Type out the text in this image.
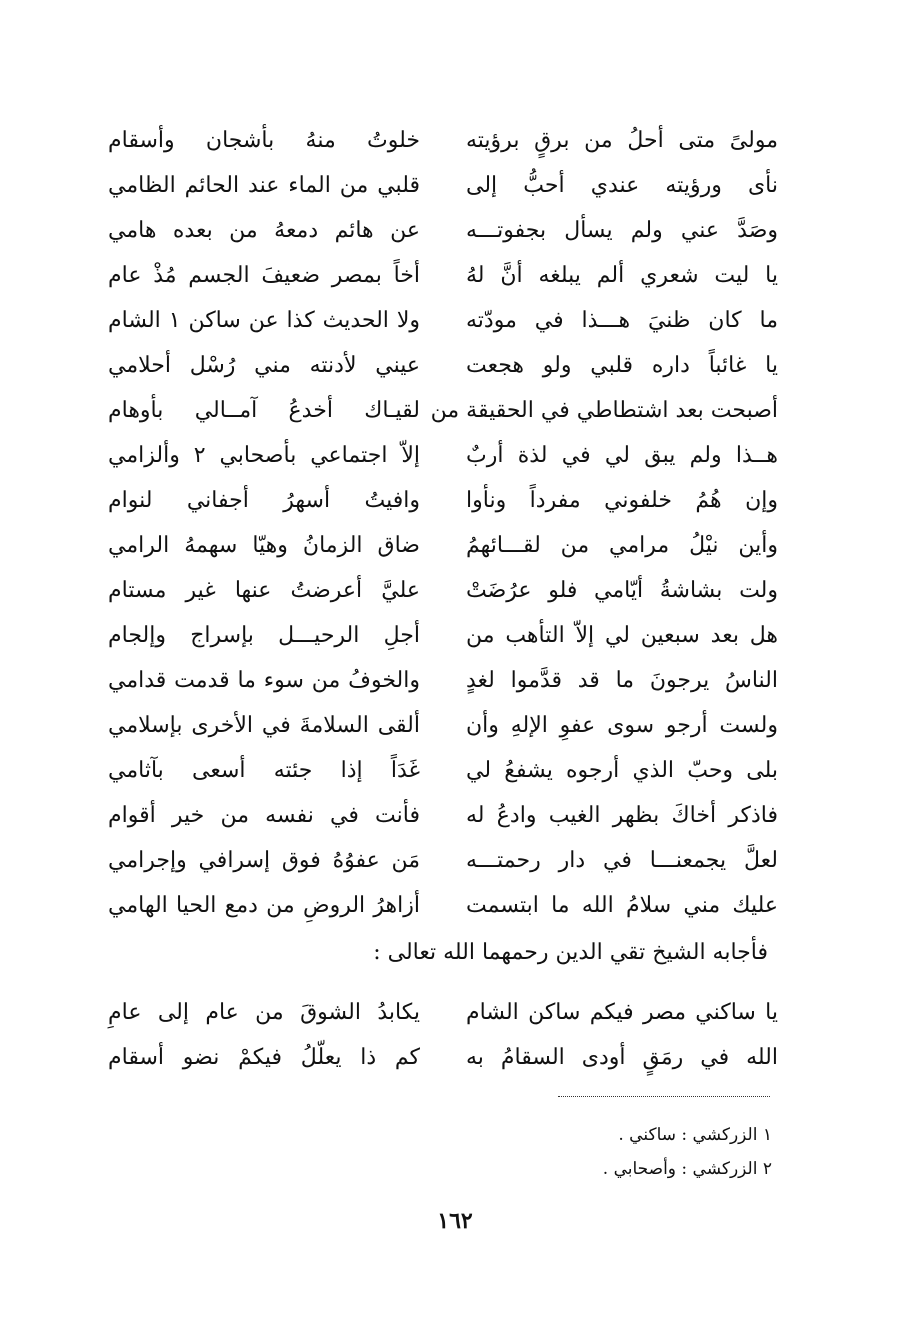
مولىً متى أحلُ من برقٍ برؤيته
خلوتُ منهُ بأشجان وأسقام
نأى ورؤيته عندي أحبُّ إلى
قلبي من الماء عند الحائم الظامي
وصَدَّ عني ولم يسأل بجفوتـــه
عن هائم دمعهُ من بعده هامي
يا ليت شعري ألم يبلغه أنَّ لهُ
أخاً بمصر ضعيفَ الجسم مُذْ عام
ما كان ظنيَ هـــذا في مودّته
ولا الحديث كذا عن ساكن ١ الشام
يا غائباً داره قلبي ولو هجعت
عيني لأدنته مني رُسْل أحلامي
أصبحت بعد اشتطاطي في الحقيقة من
لقيـاك أخدعُ آمــالي بأوهام
هــذا ولم يبق لي في لذة أربٌ
إلاّ اجتماعي بأصحابي ٢ وألزامي
وإن هُمُ خلفوني مفرداً ونأوا
وافيتُ أسهرُ أجفاني لنوام
وأين نيْلُ مرامي من لقـــائهمُ
ضاق الزمانُ وهيّا سهمهُ الرامي
ولت بشاشةُ أيّامي فلو عرُضَتْ
عليَّ أعرضتُ عنها غير مستام
هل بعد سبعين لي إلاّ التأهب من
أجلِ الرحيـــل بإسراج وإلجام
الناسُ يرجونَ ما قد قدَّموا لغدٍ
والخوفُ من سوء ما قدمت قدامي
ولست أرجو سوى عفوِ الإلهِ وأن
ألقى السلامةَ في الأخرى بإسلامي
بلى وحبّ الذي أرجوه يشفعُ لي
غَدَاً إذا جئته أسعى بآثامي
فاذكر أخاكَ بظهر الغيب وادعُ له
فأنت في نفسه من خير أقوام
لعلَّ يجمعنـــا في دار رحمتـــه
مَن عفوُهُ فوق إسرافي وإجرامي
عليك مني سلامُ الله ما ابتسمت
أزاهرُ الروضِ من دمع الحيا الهامي
فأجابه الشيخ تقي الدين رحمهما الله تعالى :
يا ساكني مصر فيكم ساكن الشام
يكابدُ الشوقَ من عام إلى عامِ
الله في رمَقٍ أودى السقامُ به
كم ذا يعلّلُ فيكمْ نضو أسقام
١ الزركشي : ساكني .
٢ الزركشي : وأصحابي .
١٦٢
